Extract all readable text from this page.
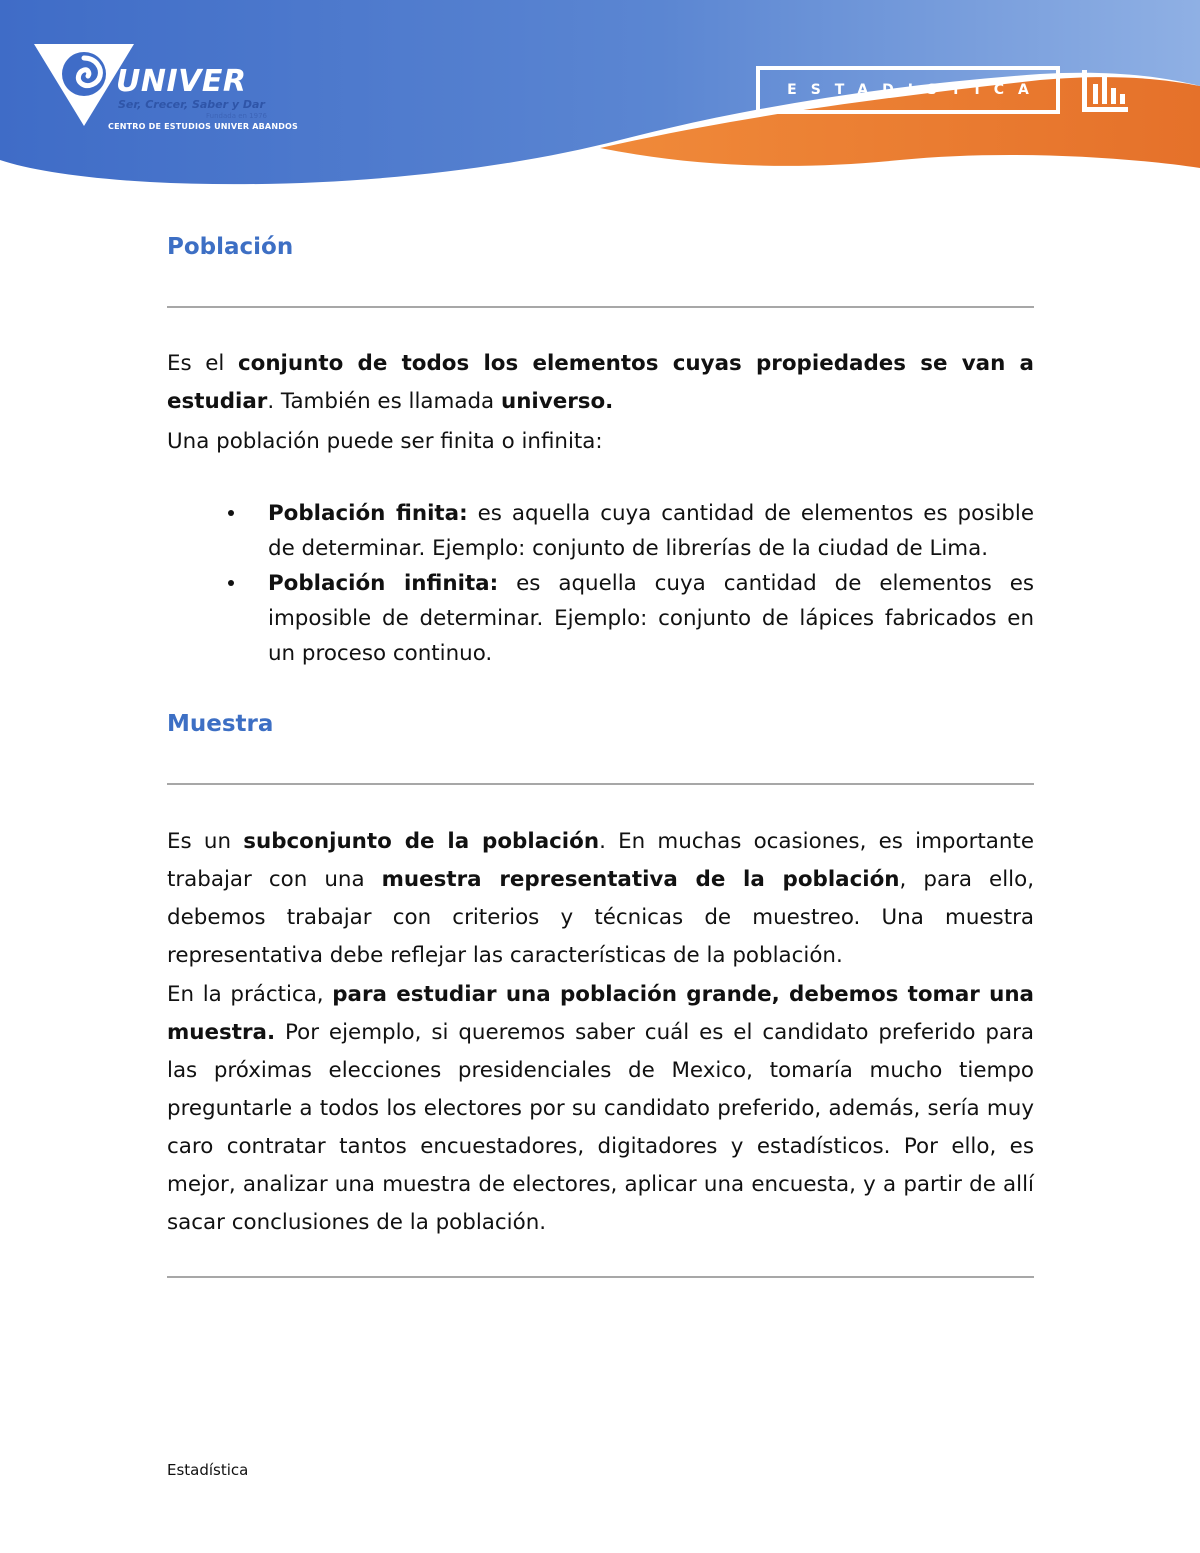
UNIVER
Ser, Crecer, Saber y Dar
Fundada en 1976
CENTRO DE ESTUDIOS UNIVER ABANDOS
ESTADISTICA
Población

Es el conjunto de todos los elementos cuyas propiedades se van a estudiar. También es llamada universo.

Una población puede ser finita o infinita:

Población finita: es aquella cuya cantidad de elementos es posible de determinar. Ejemplo: conjunto de librerías de la ciudad de Lima.
Población infinita: es aquella cuya cantidad de elementos es imposible de determinar. Ejemplo: conjunto de lápices fabricados en un proceso continuo.
Muestra

Es un subconjunto de la población. En muchas ocasiones, es importante trabajar con una muestra representativa de la población, para ello, debemos trabajar con criterios y técnicas de muestreo. Una muestra representativa debe reflejar las características de la población.

En la práctica, para estudiar una población grande, debemos tomar una muestra. Por ejemplo, si queremos saber cuál es el candidato preferido para las próximas elecciones presidenciales de Mexico, tomaría mucho tiempo preguntarle a todos los electores por su candidato preferido, además, sería muy caro contratar tantos encuestadores, digitadores y estadísticos. Por ello, es mejor, analizar una muestra de electores, aplicar una encuesta, y a partir de allí sacar conclusiones de la población.

Estadística
